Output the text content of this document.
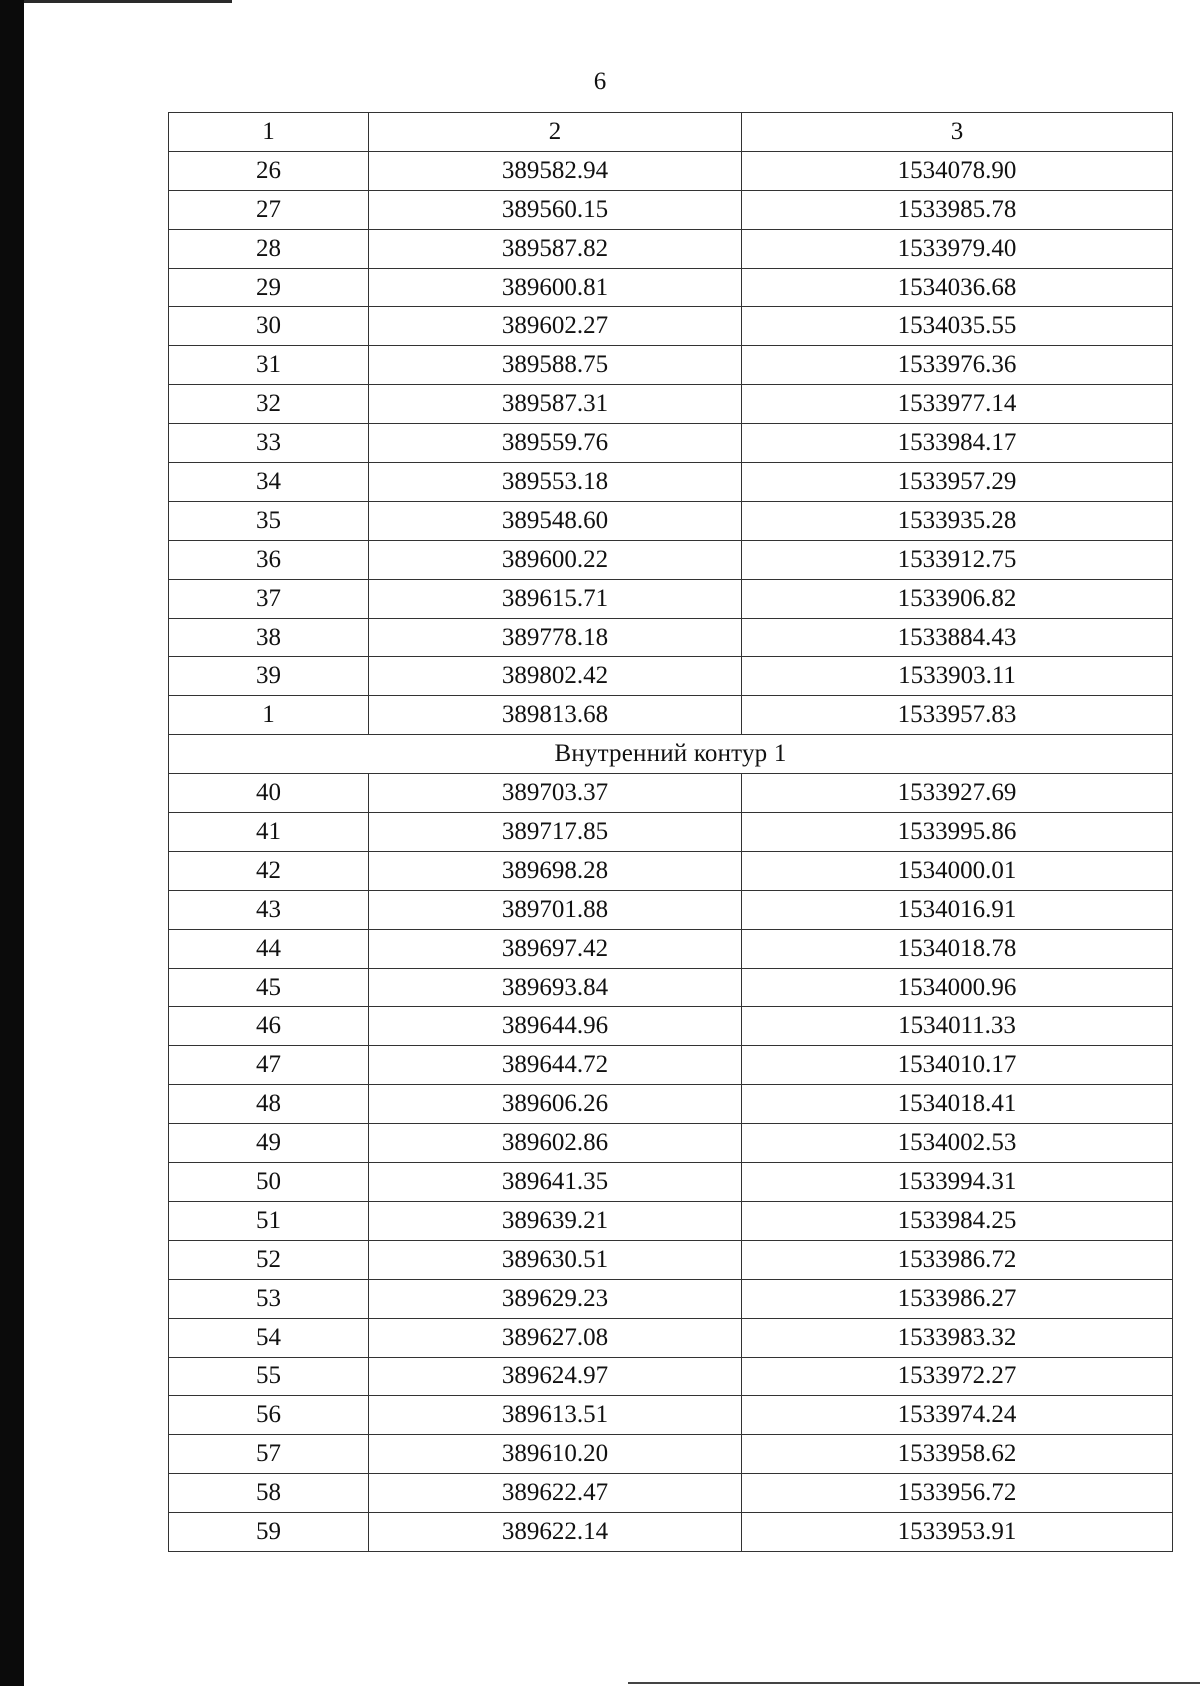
6
1	2	3
26	389582.94	1534078.90
27	389560.15	1533985.78
28	389587.82	1533979.40
29	389600.81	1534036.68
30	389602.27	1534035.55
31	389588.75	1533976.36
32	389587.31	1533977.14
33	389559.76	1533984.17
34	389553.18	1533957.29
35	389548.60	1533935.28
36	389600.22	1533912.75
37	389615.71	1533906.82
38	389778.18	1533884.43
39	389802.42	1533903.11
1	389813.68	1533957.83
Внутренний контур 1		
40	389703.37	1533927.69
41	389717.85	1533995.86
42	389698.28	1534000.01
43	389701.88	1534016.91
44	389697.42	1534018.78
45	389693.84	1534000.96
46	389644.96	1534011.33
47	389644.72	1534010.17
48	389606.26	1534018.41
49	389602.86	1534002.53
50	389641.35	1533994.31
51	389639.21	1533984.25
52	389630.51	1533986.72
53	389629.23	1533986.27
54	389627.08	1533983.32
55	389624.97	1533972.27
56	389613.51	1533974.24
57	389610.20	1533958.62
58	389622.47	1533956.72
59	389622.14	1533953.91
